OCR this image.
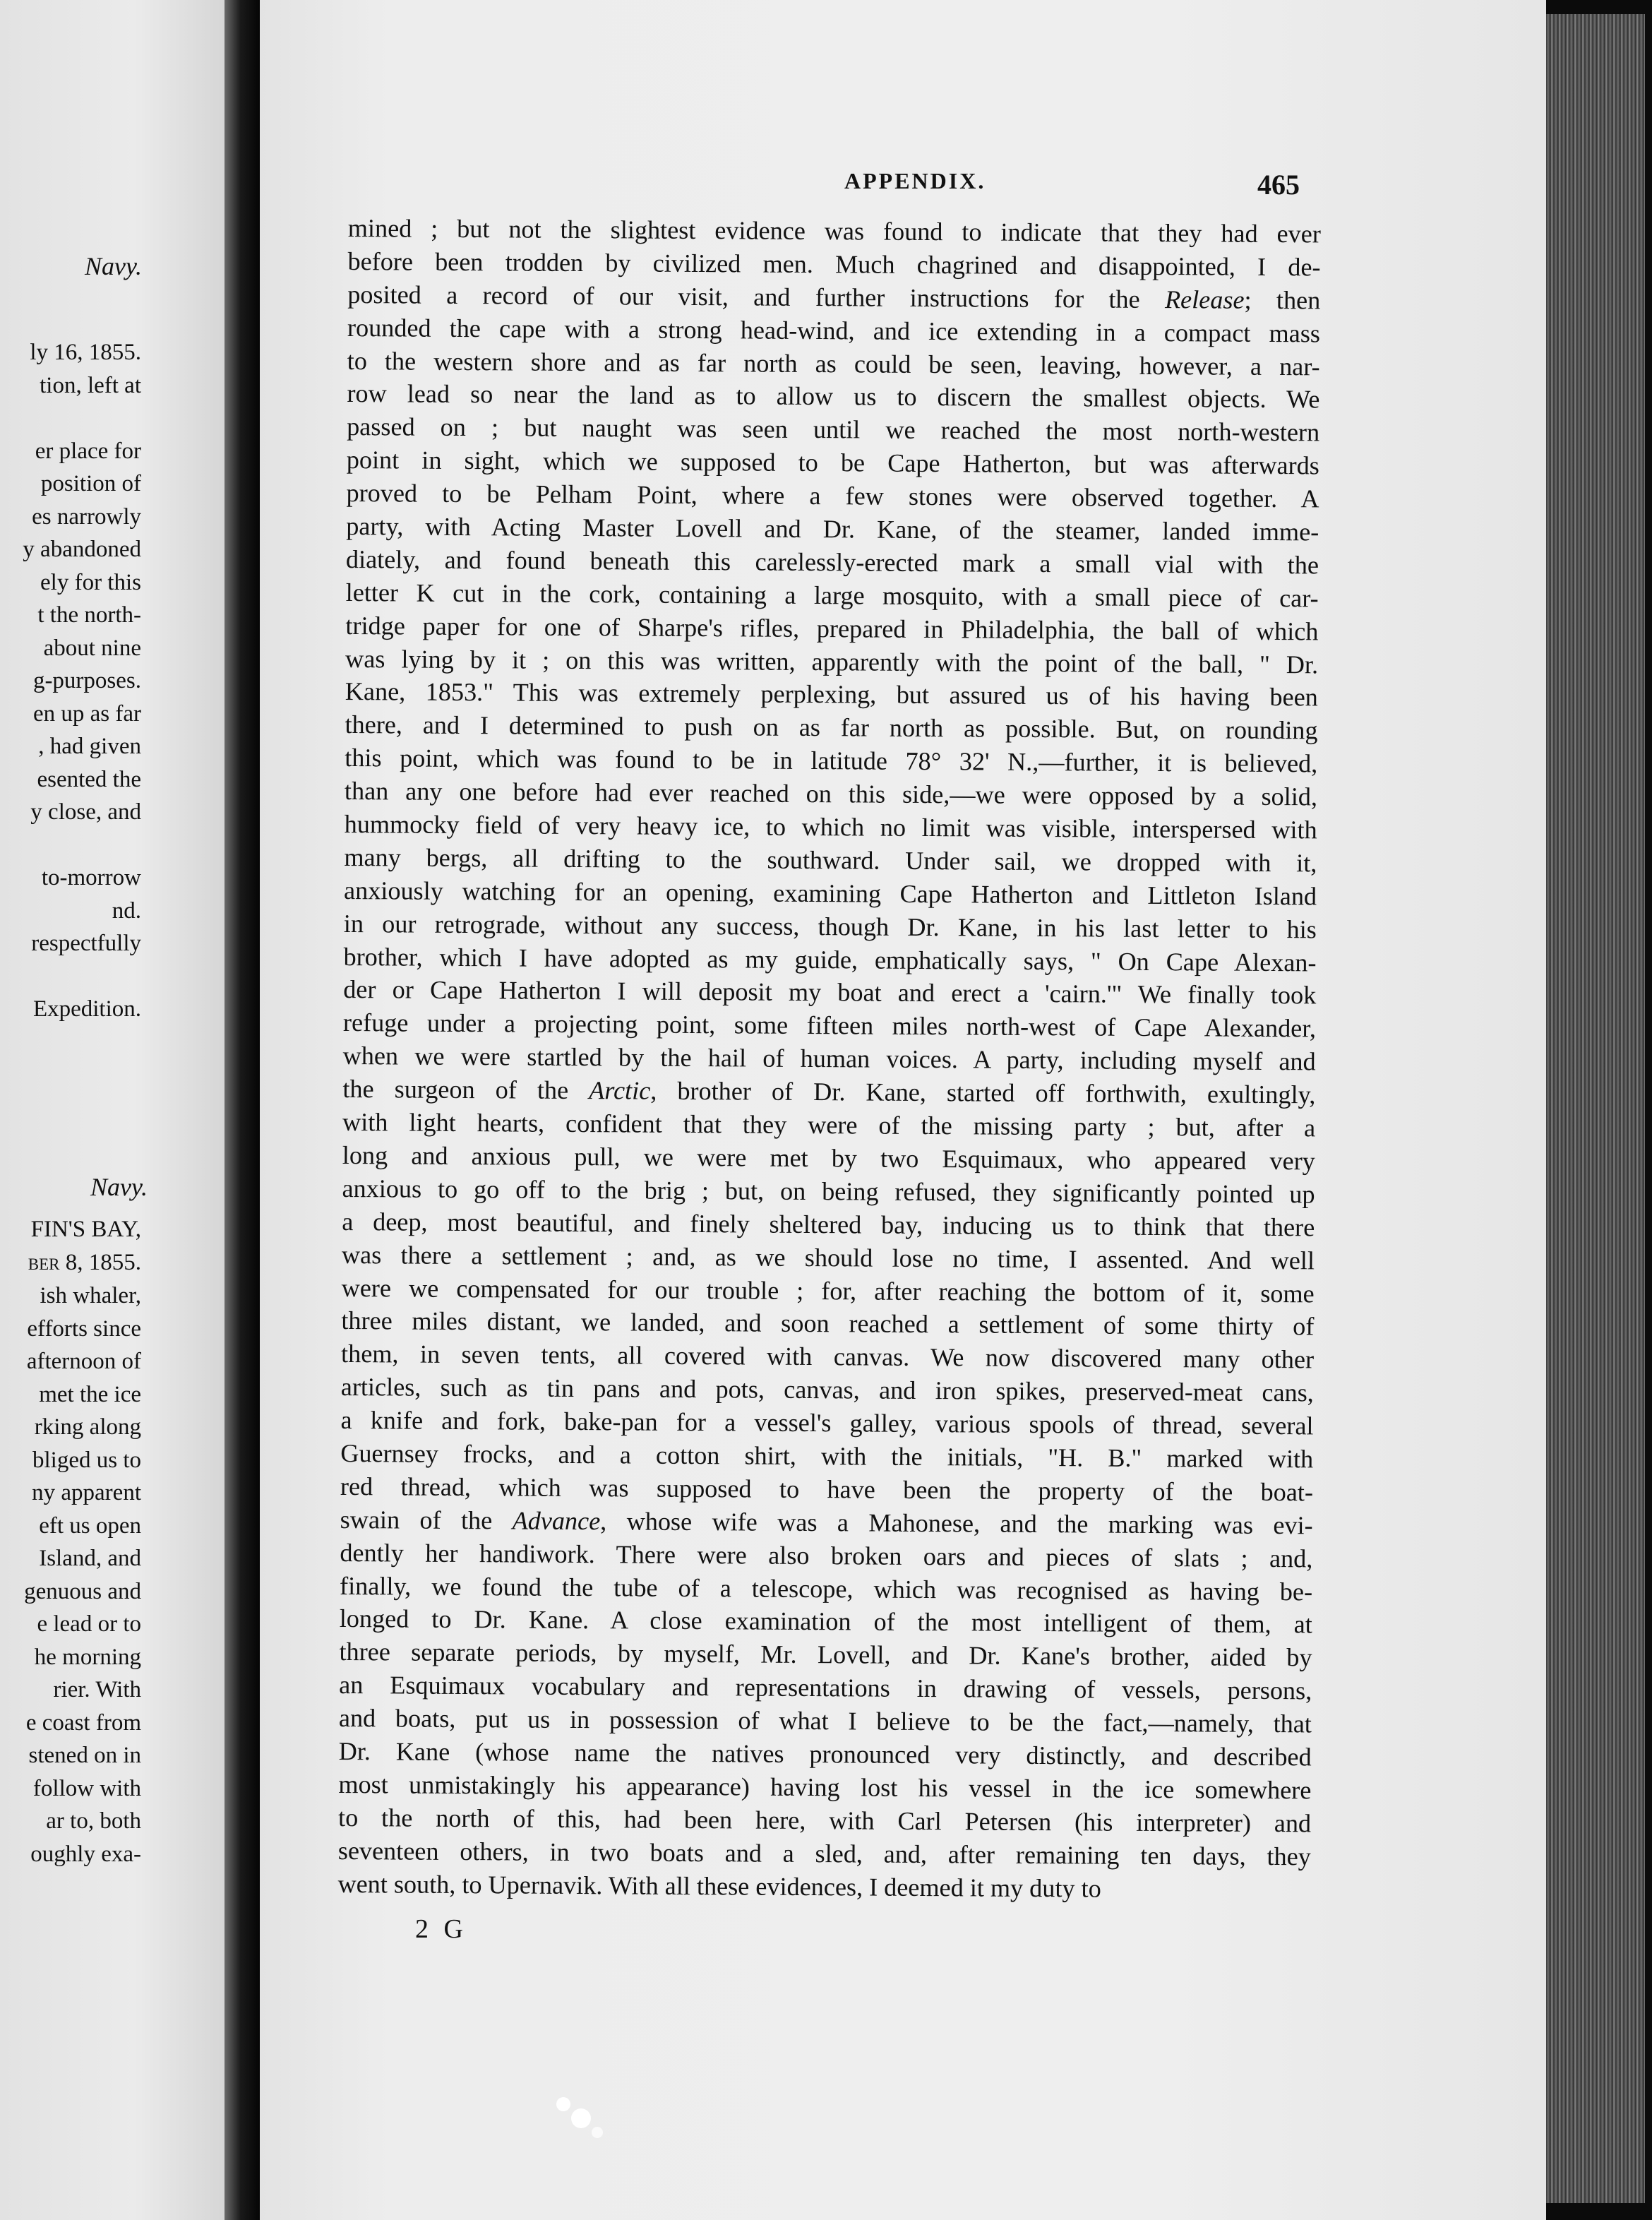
Navy.
ly 16, 1855.
tion, left at
er place for
position of
es narrowly
y abandoned
ely for this
t the north-
about nine
g-purposes.
en up as far
, had given
esented the
y close, and
to-morrow
nd.
respectfully
Expedition.
Navy.
FIN'S BAY,
ber 8, 1855.
ish whaler,
efforts since
afternoon of
met the ice
rking along
bliged us to
ny apparent
eft us open
Island, and
genuous and
e lead or to
he morning
rier. With
e coast from
stened on in
follow with
ar to, both
oughly exa-
APPENDIX.	465
mined ; but not the slightest evidence was found to indicate that they had ever
before been trodden by civilized men. Much chagrined and disappointed, I de-
posited a record of our visit, and further instructions for the Release; then
rounded the cape with a strong head-wind, and ice extending in a compact mass
to the western shore and as far north as could be seen, leaving, however, a nar-
row lead so near the land as to allow us to discern the smallest objects. We
passed on ; but naught was seen until we reached the most north-western
point in sight, which we supposed to be Cape Hatherton, but was afterwards
proved to be Pelham Point, where a few stones were observed together. A
party, with Acting Master Lovell and Dr. Kane, of the steamer, landed imme-
diately, and found beneath this carelessly-erected mark a small vial with the
letter K cut in the cork, containing a large mosquito, with a small piece of car-
tridge paper for one of Sharpe's rifles, prepared in Philadelphia, the ball of which
was lying by it ; on this was written, apparently with the point of the ball, " Dr.
Kane, 1853." This was extremely perplexing, but assured us of his having been
there, and I determined to push on as far north as possible. But, on rounding
this point, which was found to be in latitude 78° 32' N.,—further, it is believed,
than any one before had ever reached on this side,—we were opposed by a solid,
hummocky field of very heavy ice, to which no limit was visible, interspersed with
many bergs, all drifting to the southward. Under sail, we dropped with it,
anxiously watching for an opening, examining Cape Hatherton and Littleton Island
in our retrograde, without any success, though Dr. Kane, in his last letter to his
brother, which I have adopted as my guide, emphatically says, " On Cape Alexan-
der or Cape Hatherton I will deposit my boat and erect a 'cairn.'" We finally took
refuge under a projecting point, some fifteen miles north-west of Cape Alexander,
when we were startled by the hail of human voices. A party, including myself and
the surgeon of the Arctic, brother of Dr. Kane, started off forthwith, exultingly,
with light hearts, confident that they were of the missing party ; but, after a
long and anxious pull, we were met by two Esquimaux, who appeared very
anxious to go off to the brig ; but, on being refused, they significantly pointed up
a deep, most beautiful, and finely sheltered bay, inducing us to think that there
was there a settlement ; and, as we should lose no time, I assented. And well
were we compensated for our trouble ; for, after reaching the bottom of it, some
three miles distant, we landed, and soon reached a settlement of some thirty of
them, in seven tents, all covered with canvas. We now discovered many other
articles, such as tin pans and pots, canvas, and iron spikes, preserved-meat cans,
a knife and fork, bake-pan for a vessel's galley, various spools of thread, several
Guernsey frocks, and a cotton shirt, with the initials, "H. B." marked with
red thread, which was supposed to have been the property of the boat-
swain of the Advance, whose wife was a Mahonese, and the marking was evi-
dently her handiwork. There were also broken oars and pieces of slats ; and,
finally, we found the tube of a telescope, which was recognised as having be-
longed to Dr. Kane. A close examination of the most intelligent of them, at
three separate periods, by myself, Mr. Lovell, and Dr. Kane's brother, aided by
an Esquimaux vocabulary and representations in drawing of vessels, persons,
and boats, put us in possession of what I believe to be the fact,—namely, that
Dr. Kane (whose name the natives pronounced very distinctly, and described
most unmistakingly his appearance) having lost his vessel in the ice somewhere
to the north of this, had been here, with Carl Petersen (his interpreter) and
seventeen others, in two boats and a sled, and, after remaining ten days, they
went south, to Upernavik. With all these evidences, I deemed it my duty to
2 G
